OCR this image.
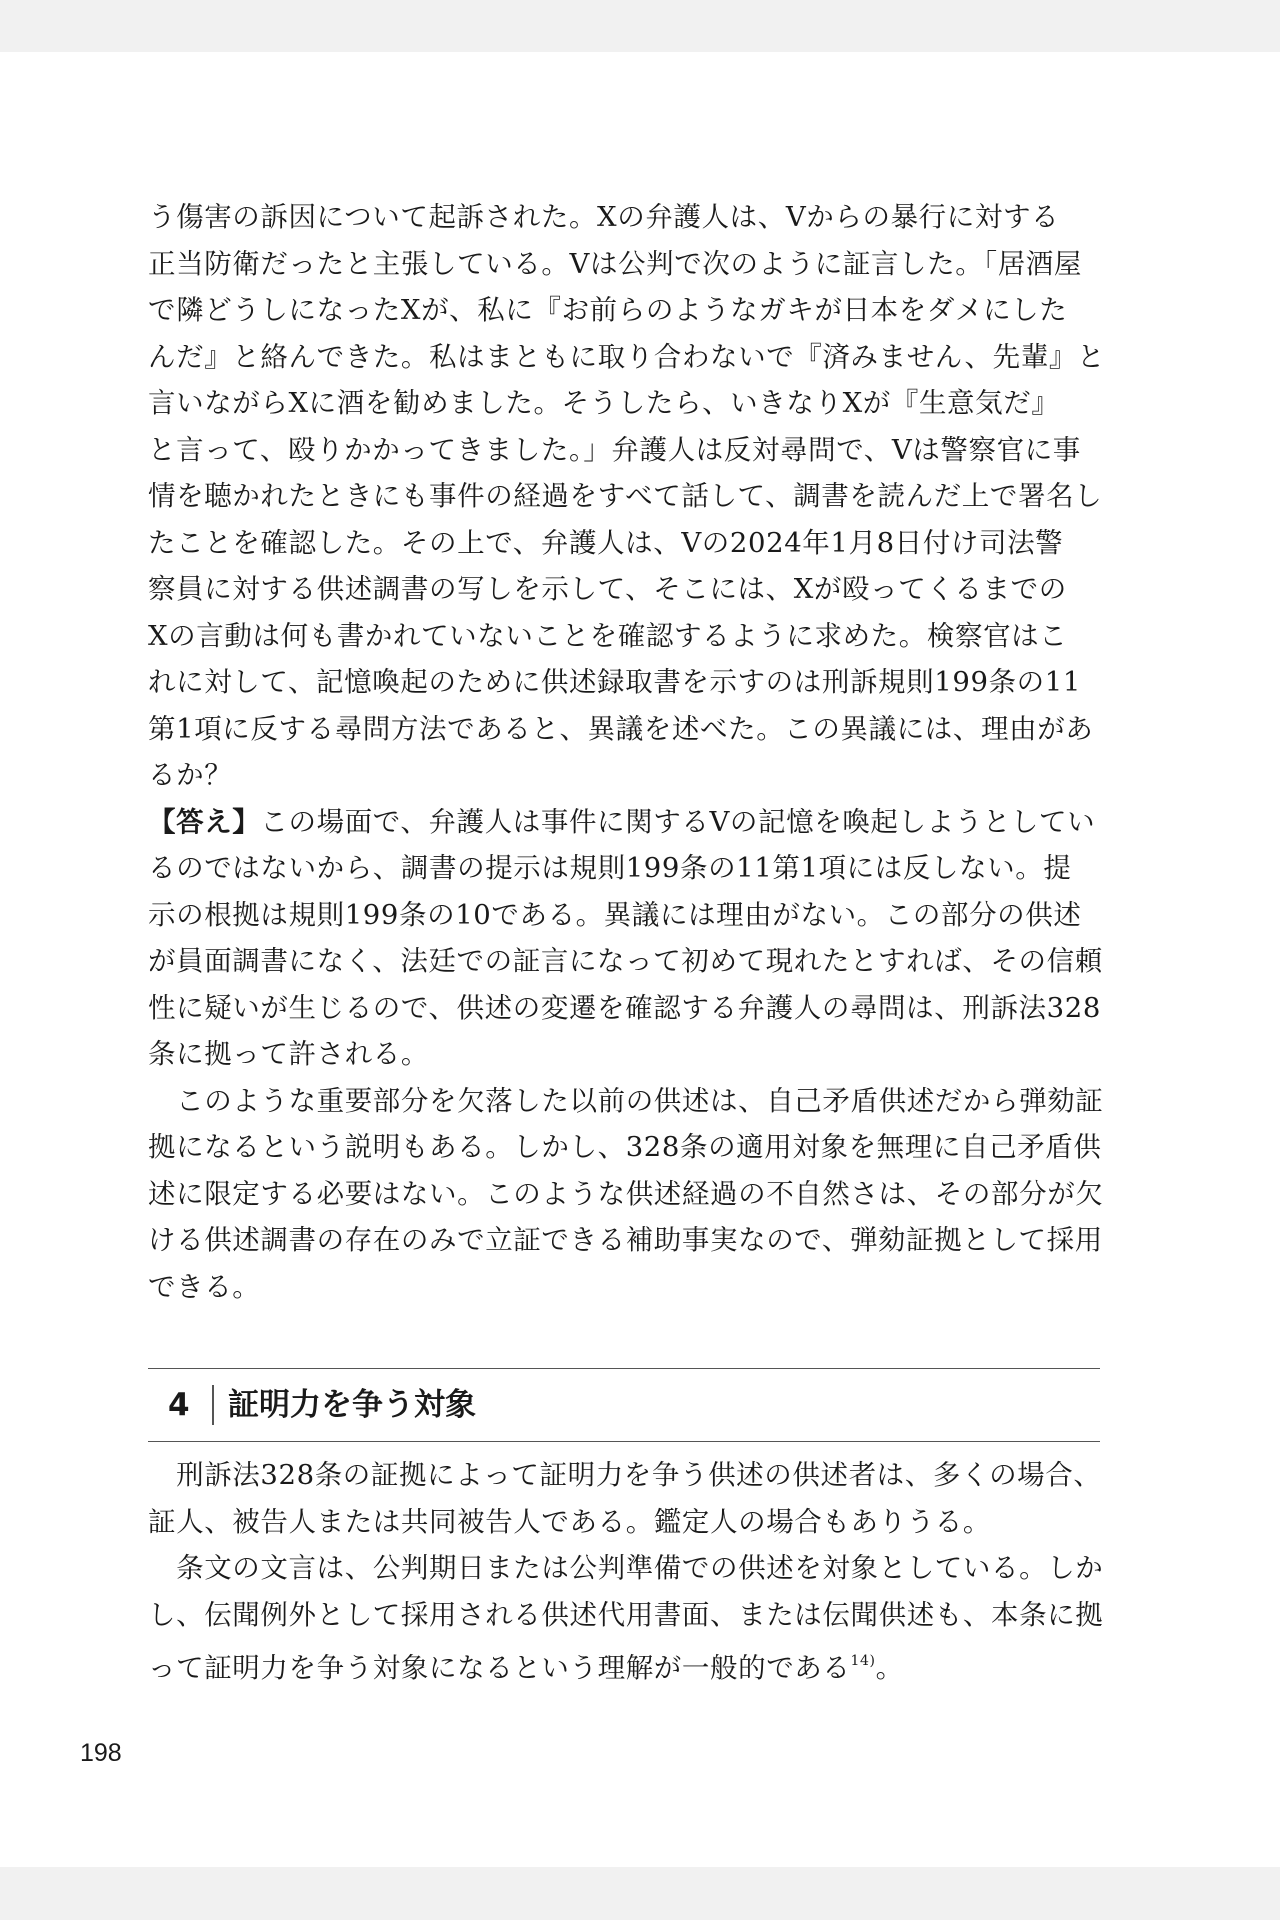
う傷害の訴因について起訴された。Xの弁護人は、Vからの暴行に対する
正当防衛だったと主張している。Vは公判で次のように証言した。「居酒屋
で隣どうしになったXが、私に『お前らのようなガキが日本をダメにした
んだ』と絡んできた。私はまともに取り合わないで『済みません、先輩』と
言いながらXに酒を勧めました。そうしたら、いきなりXが『生意気だ』
と言って、殴りかかってきました。」弁護人は反対尋問で、Vは警察官に事
情を聴かれたときにも事件の経過をすべて話して、調書を読んだ上で署名し
たことを確認した。その上で、弁護人は、Vの2024年1月8日付け司法警
察員に対する供述調書の写しを示して、そこには、Xが殴ってくるまでの
Xの言動は何も書かれていないことを確認するように求めた。検察官はこ
れに対して、記憶喚起のために供述録取書を示すのは刑訴規則199条の11
第1項に反する尋問方法であると、異議を述べた。この異議には、理由があ
るか？
【答え】この場面で、弁護人は事件に関するVの記憶を喚起しようとしてい
るのではないから、調書の提示は規則199条の11第1項には反しない。提
示の根拠は規則199条の10である。異議には理由がない。この部分の供述
が員面調書になく、法廷での証言になって初めて現れたとすれば、その信頼
性に疑いが生じるので、供述の変遷を確認する弁護人の尋問は、刑訴法328
条に拠って許される。
　このような重要部分を欠落した以前の供述は、自己矛盾供述だから弾劾証
拠になるという説明もある。しかし、328条の適用対象を無理に自己矛盾供
述に限定する必要はない。このような供述経過の不自然さは、その部分が欠
ける供述調書の存在のみで立証できる補助事実なので、弾劾証拠として採用
できる。
4 証明力を争う対象
　刑訴法328条の証拠によって証明力を争う供述の供述者は、多くの場合、
証人、被告人または共同被告人である。鑑定人の場合もありうる。
　条文の文言は、公判期日または公判準備での供述を対象としている。しか
し、伝聞例外として採用される供述代用書面、または伝聞供述も、本条に拠
って証明力を争う対象になるという理解が一般的である$^{14)}$。
198
